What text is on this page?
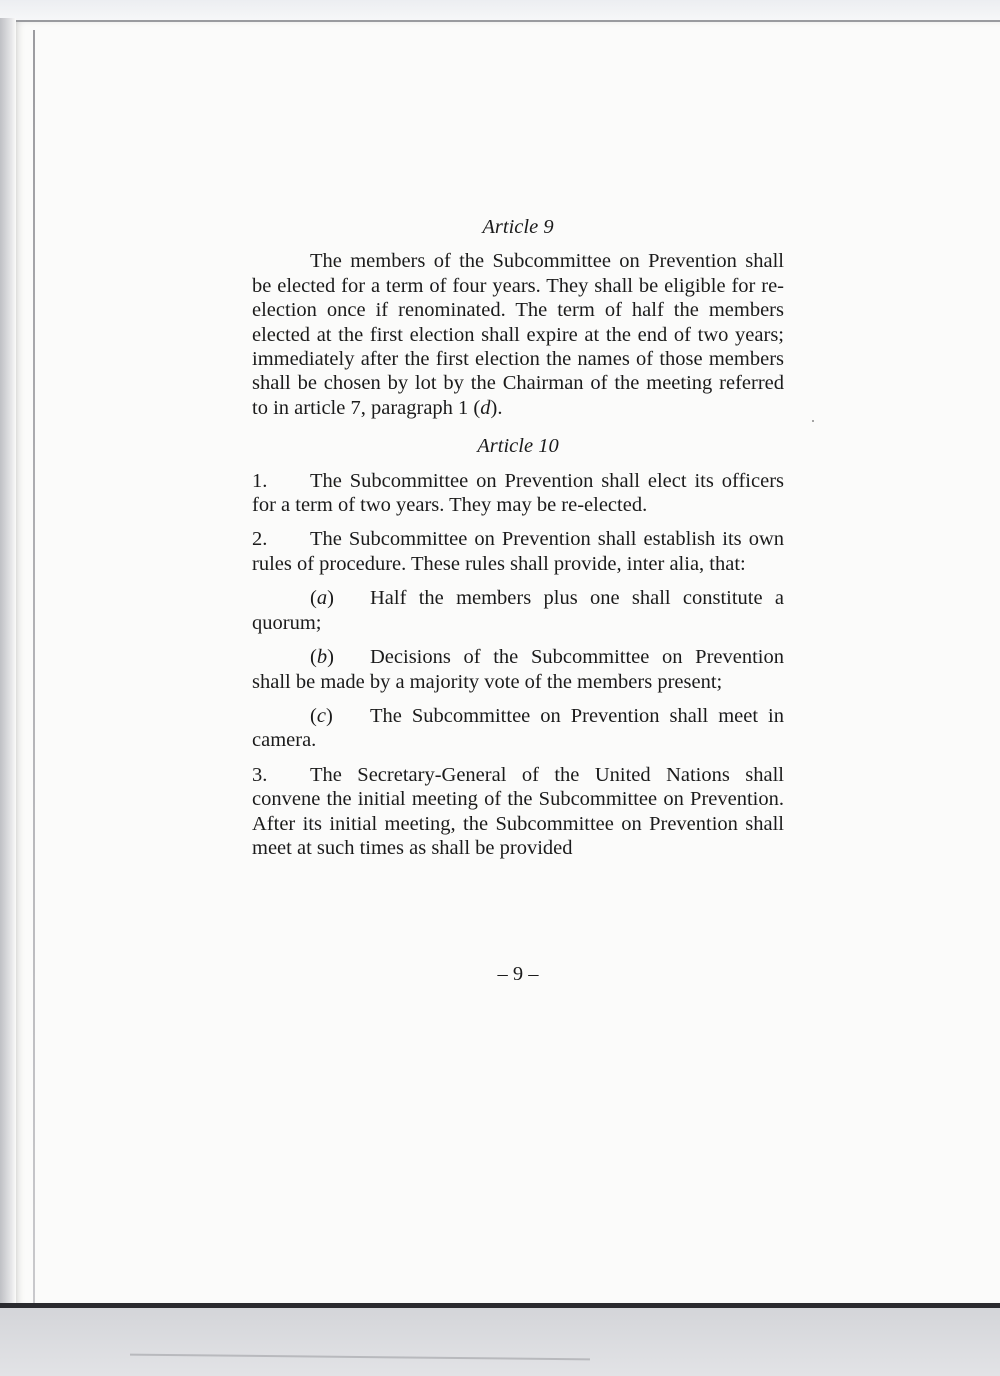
Article 9

The members of the Subcommittee on Prevention shall be elected for a term of four years. They shall be eligible for re-election once if renominated. The term of half the members elected at the first election shall expire at the end of two years; immediately after the first election the names of those members shall be chosen by lot by the Chairman of the meeting referred to in article 7, paragraph 1 (d).

Article 10

1. The Subcommittee on Prevention shall elect its officers for a term of two years. They may be re-elected.

2. The Subcommittee on Prevention shall establish its own rules of procedure. These rules shall provide, inter alia, that:

(a) Half the members plus one shall constitute a quorum;

(b) Decisions of the Subcommittee on Prevention shall be made by a majority vote of the members present;

(c) The Subcommittee on Prevention shall meet in camera.

3. The Secretary-General of the United Nations shall convene the initial meeting of the Subcommittee on Prevention. After its initial meeting, the Subcommittee on Prevention shall meet at such times as shall be provided

– 9 –
